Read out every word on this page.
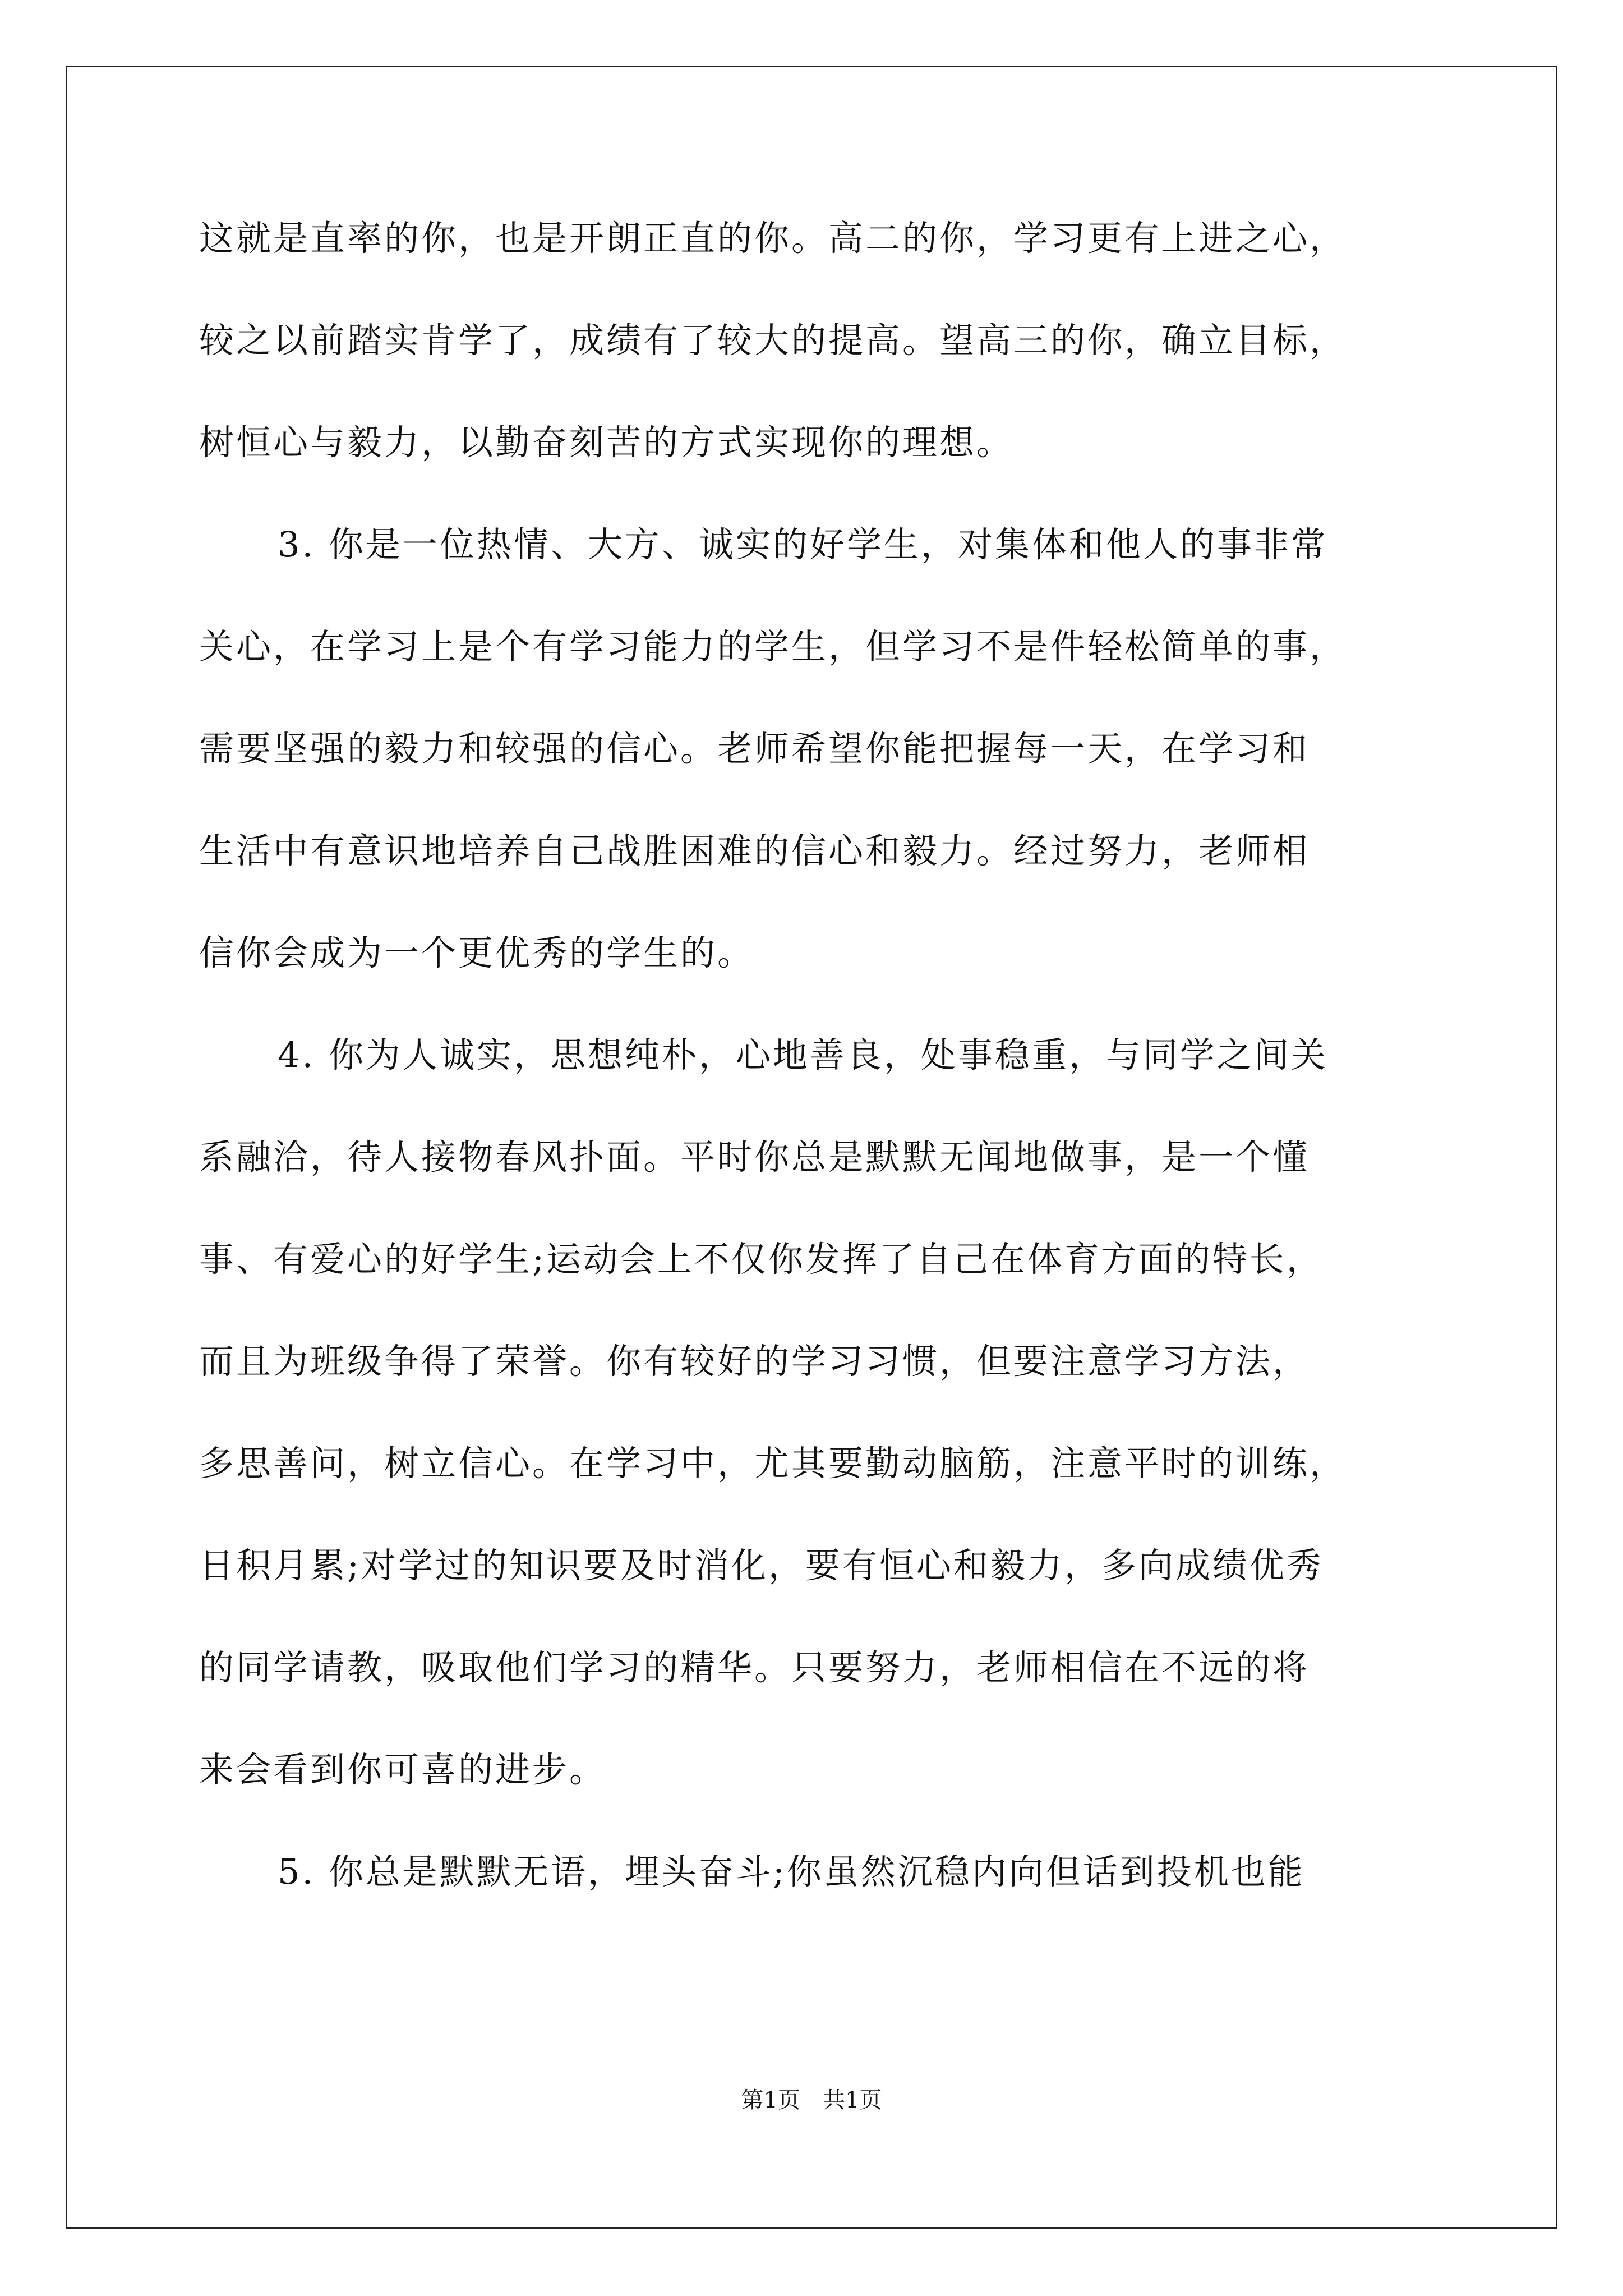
这就是直率的你，也是开朗正直的你。高二的你，学习更有上进之心，
较之以前踏实肯学了，成绩有了较大的提高。望高三的你，确立目标，
树恒心与毅力，以勤奋刻苦的方式实现你的理想。
3. 你是一位热情、大方、诚实的好学生，对集体和他人的事非常
关心，在学习上是个有学习能力的学生，但学习不是件轻松简单的事，
需要坚强的毅力和较强的信心。老师希望你能把握每一天，在学习和
生活中有意识地培养自己战胜困难的信心和毅力。经过努力，老师相
信你会成为一个更优秀的学生的。
4. 你为人诚实，思想纯朴，心地善良，处事稳重，与同学之间关
系融洽，待人接物春风扑面。平时你总是默默无闻地做事，是一个懂
事、有爱心的好学生;运动会上不仅你发挥了自己在体育方面的特长，
而且为班级争得了荣誉。你有较好的学习习惯，但要注意学习方法，
多思善问，树立信心。在学习中，尤其要勤动脑筋，注意平时的训练，
日积月累;对学过的知识要及时消化，要有恒心和毅力，多向成绩优秀
的同学请教，吸取他们学习的精华。只要努力，老师相信在不远的将
来会看到你可喜的进步。
5. 你总是默默无语，埋头奋斗;你虽然沉稳内向但话到投机也能
第1页　共1页
